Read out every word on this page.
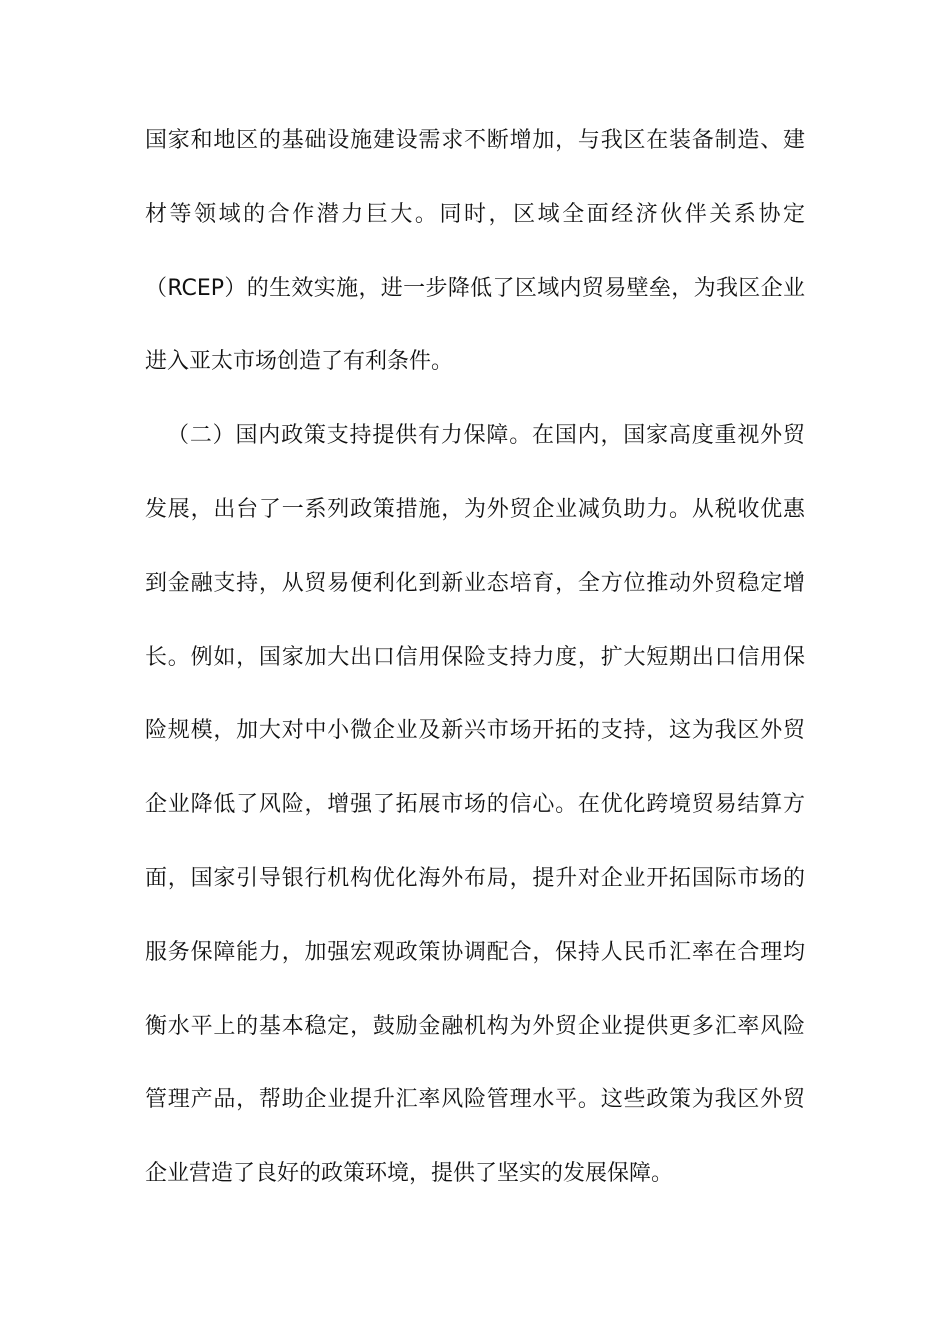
国家和地区的基础设施建设需求不断增加，与我区在装备制造、建
材等领域的合作潜力巨大。同时，区域全面经济伙伴关系协定
（RCEP）的生效实施，进一步降低了区域内贸易壁垒，为我区企业
进入亚太市场创造了有利条件。
（二）国内政策支持提供有力保障。在国内，国家高度重视外贸
发展，出台了一系列政策措施，为外贸企业减负助力。从税收优惠
到金融支持，从贸易便利化到新业态培育，全方位推动外贸稳定增
长。例如，国家加大出口信用保险支持力度，扩大短期出口信用保
险规模，加大对中小微企业及新兴市场开拓的支持，这为我区外贸
企业降低了风险，增强了拓展市场的信心。在优化跨境贸易结算方
面，国家引导银行机构优化海外布局，提升对企业开拓国际市场的
服务保障能力，加强宏观政策协调配合，保持人民币汇率在合理均
衡水平上的基本稳定，鼓励金融机构为外贸企业提供更多汇率风险
管理产品，帮助企业提升汇率风险管理水平。这些政策为我区外贸
企业营造了良好的政策环境，提供了坚实的发展保障。
